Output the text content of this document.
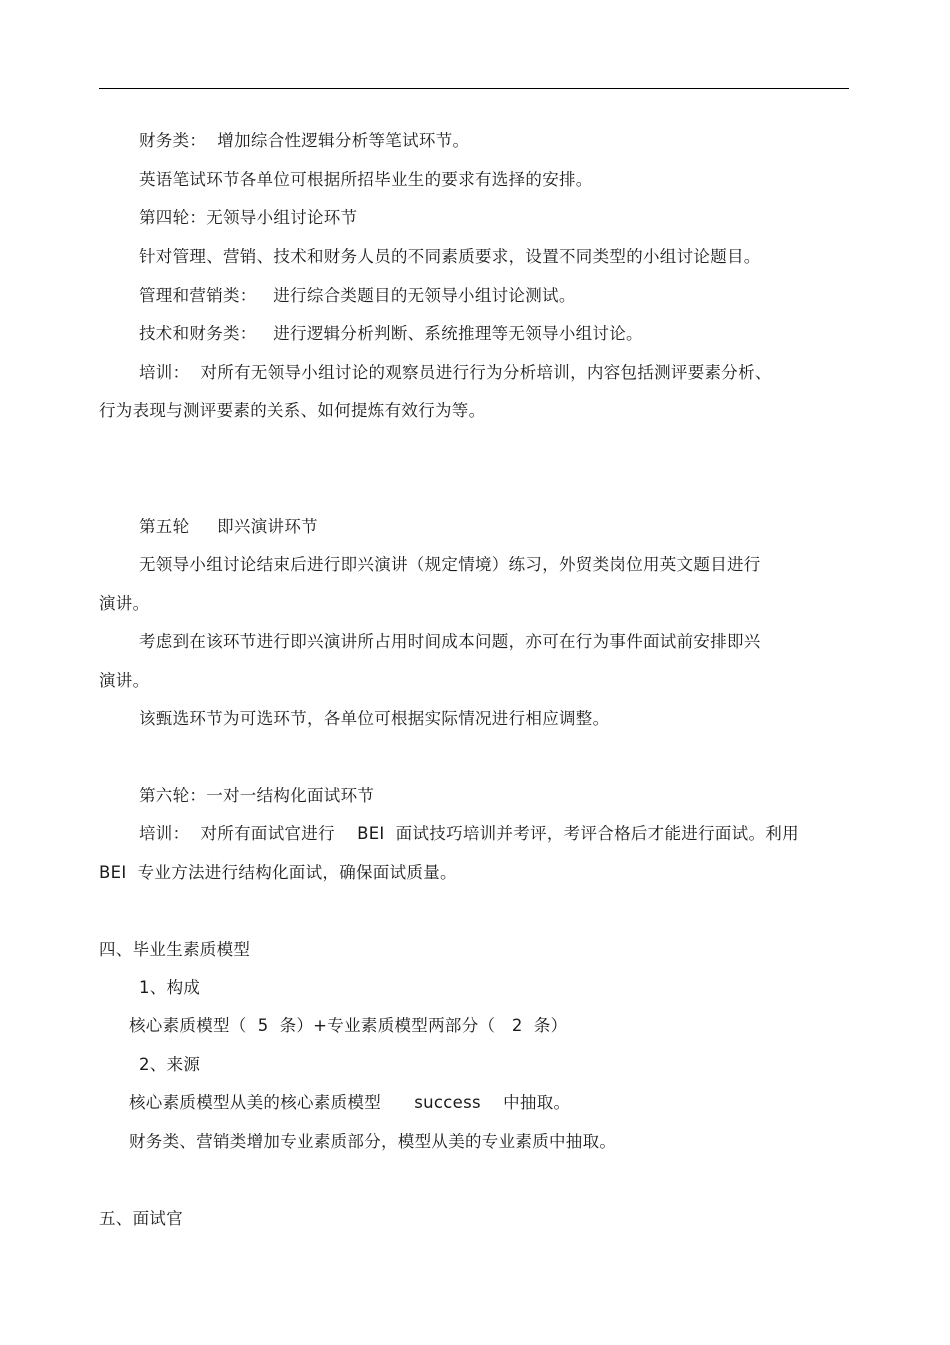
财务类：  增加综合性逻辑分析等笔试环节。
英语笔试环节各单位可根据所招毕业生的要求有选择的安排。
第四轮：无领导小组讨论环节
针对管理、营销、技术和财务人员的不同素质要求，设置不同类型的小组讨论题目。
管理和营销类：   进行综合类题目的无领导小组讨论测试。
技术和财务类：   进行逻辑分析判断、系统推理等无领导小组讨论。
培训：  对所有无领导小组讨论的观察员进行行为分析培训，内容包括测评要素分析、
行为表现与测评要素的关系、如何提炼有效行为等。
第五轮     即兴演讲环节
无领导小组讨论结束后进行即兴演讲（规定情境）练习，外贸类岗位用英文题目进行
演讲。
考虑到在该环节进行即兴演讲所占用时间成本问题，亦可在行为事件面试前安排即兴
演讲。
该甄选环节为可选环节，各单位可根据实际情况进行相应调整。
第六轮：一对一结构化面试环节
培训：  对所有面试官进行    BEI  面试技巧培训并考评，考评合格后才能进行面试。利用
BEI  专业方法进行结构化面试，确保面试质量。
四、毕业生素质模型
1、构成
核心素质模型（  5  条）+专业素质模型两部分（   2  条）
2、来源
核心素质模型从美的核心素质模型      success    中抽取。
财务类、营销类增加专业素质部分，模型从美的专业素质中抽取。
五、面试官
